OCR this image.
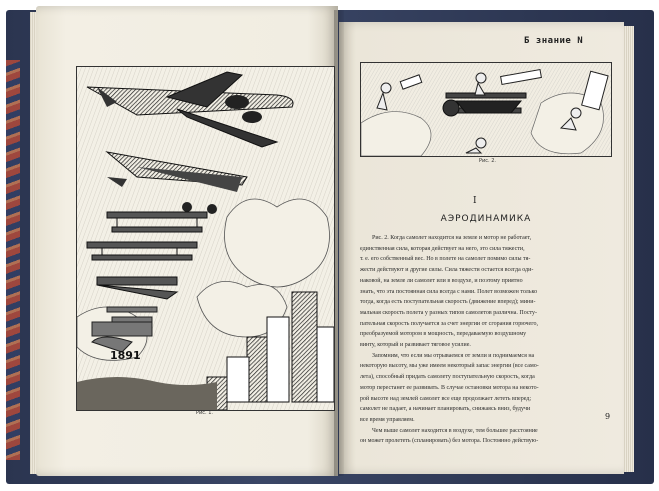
1891
Рис. 1.
Б знание N
Рис. 2.
I
АЭРОДИНАМИКА
Рис. 2. Когда самолет находится на земле и мотор не работает,
единственная сила, которая действует на него, это сила тяжести,
т. е. его собственный вес. Но в полете на самолет помимо силы тя-
жести действуют и другие силы. Сила тяжести остается всегда оди-
наковой, на земле ли самолет или в воздухе, и поэтому приятно
знать, что эта постоянная сила всегда с нами. Полет возможен только
тогда, когда есть поступательная скорость (движение вперед); мини-
мальная скорость полета у разных типов самолетов различна. Посту-
пательная скорость получается за счет энергии от сгорания горючего,
преобразуемой мотором в мощность, передаваемую воздушному
винту, который и развивает тяговое усилие.
Запомним, что если мы отрываемся от земли и поднимаемся на
некоторую высоту, мы уже имеем некоторый запас энергии (все само-
лета), способный придать самолету поступательную скорость, когда
мотор перестанет ее развивать. В случае остановки мотора на некото-
рой высоте над землей самолет все еще продолжает лететь вперед;
самолет не падает, а начинает планировать, снижаясь вниз, будучи
все время управляем.
Чем выше самолет находится в воздухе, тем большее расстояние
он может пролететь (спланировать) без мотора. Постоянно действую-
9
